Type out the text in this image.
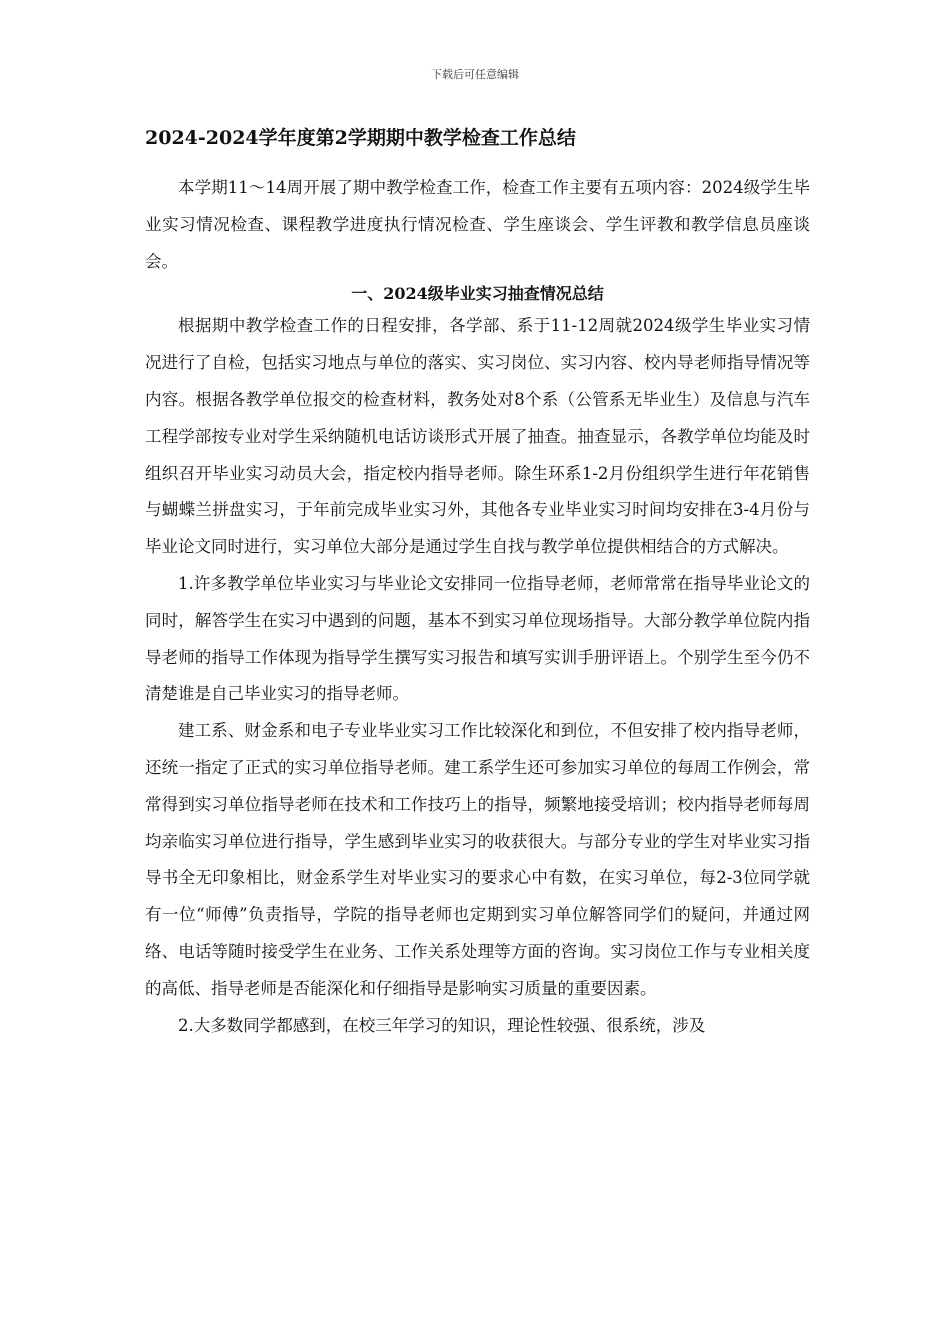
下载后可任意编辑
2024-2024学年度第2学期期中教学检查工作总结

本学期11～14周开展了期中教学检查工作，检查工作主要有五项内容：2024级学生毕业实习情况检查、课程教学进度执行情况检查、学生座谈会、学生评教和教学信息员座谈会。

一、2024级毕业实习抽查情况总结

根据期中教学检查工作的日程安排，各学部、系于11-12周就2024级学生毕业实习情况进行了自检，包括实习地点与单位的落实、实习岗位、实习内容、校内导老师指导情况等内容。根据各教学单位报交的检查材料，教务处对8个系（公管系无毕业生）及信息与汽车工程学部按专业对学生采纳随机电话访谈形式开展了抽查。抽查显示，各教学单位均能及时组织召开毕业实习动员大会，指定校内指导老师。除生环系1-2月份组织学生进行年花销售与蝴蝶兰拼盘实习，于年前完成毕业实习外，其他各专业毕业实习时间均安排在3-4月份与毕业论文同时进行，实习单位大部分是通过学生自找与教学单位提供相结合的方式解决。

1.许多教学单位毕业实习与毕业论文安排同一位指导老师，老师常常在指导毕业论文的同时，解答学生在实习中遇到的问题，基本不到实习单位现场指导。大部分教学单位院内指导老师的指导工作体现为指导学生撰写实习报告和填写实训手册评语上。个别学生至今仍不清楚谁是自己毕业实习的指导老师。

建工系、财金系和电子专业毕业实习工作比较深化和到位，不但安排了校内指导老师，还统一指定了正式的实习单位指导老师。建工系学生还可参加实习单位的每周工作例会，常常得到实习单位指导老师在技术和工作技巧上的指导，频繁地接受培训；校内指导老师每周均亲临实习单位进行指导，学生感到毕业实习的收获很大。与部分专业的学生对毕业实习指导书全无印象相比，财金系学生对毕业实习的要求心中有数，在实习单位，每2-3位同学就有一位“师傅”负责指导，学院的指导老师也定期到实习单位解答同学们的疑问，并通过网络、电话等随时接受学生在业务、工作关系处理等方面的咨询。实习岗位工作与专业相关度的高低、指导老师是否能深化和仔细指导是影响实习质量的重要因素。

2.大多数同学都感到，在校三年学习的知识，理论性较强、很系统，涉及
